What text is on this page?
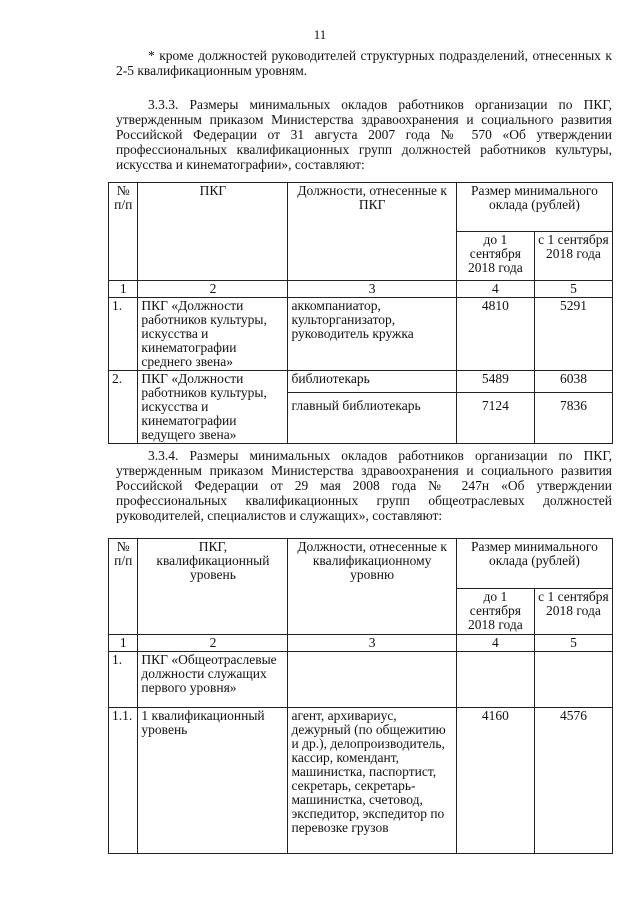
11
* кроме должностей руководителей структурных подразделений, отнесенных к 2-5 квалификационным уровням.
3.3.3. Размеры минимальных окладов работников организации по ПКГ, утвержденным приказом Министерства здравоохранения и социального развития Российской Федерации от 31 августа 2007 года № 570 «Об утверждении профессиональных квалификационных групп должностей работников культуры, искусства и кинематографии», составляют:
№ п/п	ПКГ	Должности, отнесенные к ПКГ	Размер минимального оклада (рублей)	
			до 1 сентября 2018 года	с 1 сентября 2018 года
1	2	3	4	5
1.	ПКГ «Должности работников культуры, искусства и кинематографии среднего звена»	аккомпаниатор, культорганизатор, руководитель кружка	4810	5291
2.	ПКГ «Должности работников культуры, искусства и кинематографии ведущего звена»	библиотекарь	5489	6038
		главный библиотекарь	7124	7836
3.3.4. Размеры минимальных окладов работников организации по ПКГ, утвержденным приказом Министерства здравоохранения и социального развития Российской Федерации от 29 мая 2008 года № 247н «Об утверждении профессиональных квалификационных групп общеотраслевых должностей руководителей, специалистов и служащих», составляют:
№ п/п	ПКГ, квалификационный уровень	Должности, отнесенные к квалификационному уровню	Размер минимального оклада (рублей)	
			до 1 сентября 2018 года	с 1 сентября 2018 года
1	2	3	4	5
1.	ПКГ «Общеотраслевые должности служащих первого уровня»			
1.1.	1 квалификационный уровень	агент, архивариус, дежурный (по общежитию и др.), делопроизводитель, кассир, комендант, машинистка, паспортист, секретарь, секретарь-машинистка, счетовод, экспедитор, экспедитор по перевозке грузов	4160	4576
